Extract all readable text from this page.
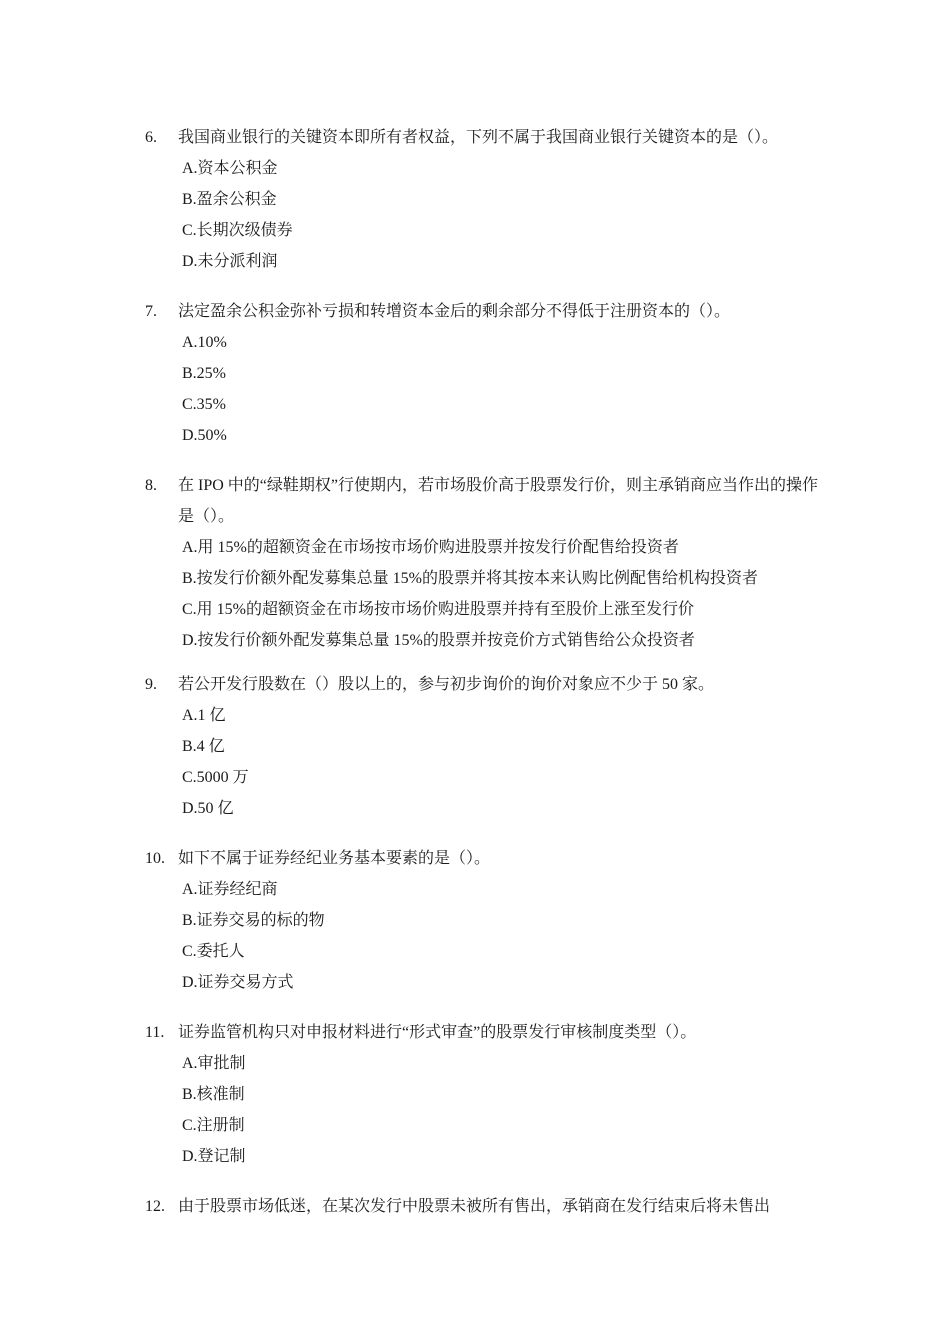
6.	我国商业银行的关键资本即所有者权益，下列不属于我国商业银行关键资本的是（）。
A.资本公积金
B.盈余公积金
C.长期次级债券
D.未分派利润
7.	法定盈余公积金弥补亏损和转增资本金后的剩余部分不得低于注册资本的（）。
A.10%
B.25%
C.35%
D.50%
8.	在 IPO 中的“绿鞋期权”行使期内，若市场股价高于股票发行价，则主承销商应当作出的操作是（）。
A.用 15%的超额资金在市场按市场价购进股票并按发行价配售给投资者
B.按发行价额外配发募集总量 15%的股票并将其按本来认购比例配售给机构投资者
C.用 15%的超额资金在市场按市场价购进股票并持有至股价上涨至发行价
D.按发行价额外配发募集总量 15%的股票并按竞价方式销售给公众投资者
9.	若公开发行股数在（）股以上的，参与初步询价的询价对象应不少于 50 家。
A.1 亿
B.4 亿
C.5000 万
D.50 亿
10. 如下不属于证券经纪业务基本要素的是（）。
A.证券经纪商
B.证券交易的标的物
C.委托人
D.证券交易方式
11. 证券监管机构只对申报材料进行“形式审查”的股票发行审核制度类型（）。
A.审批制
B.核准制
C.注册制
D.登记制
12. 由于股票市场低迷，在某次发行中股票未被所有售出，承销商在发行结束后将未售出
